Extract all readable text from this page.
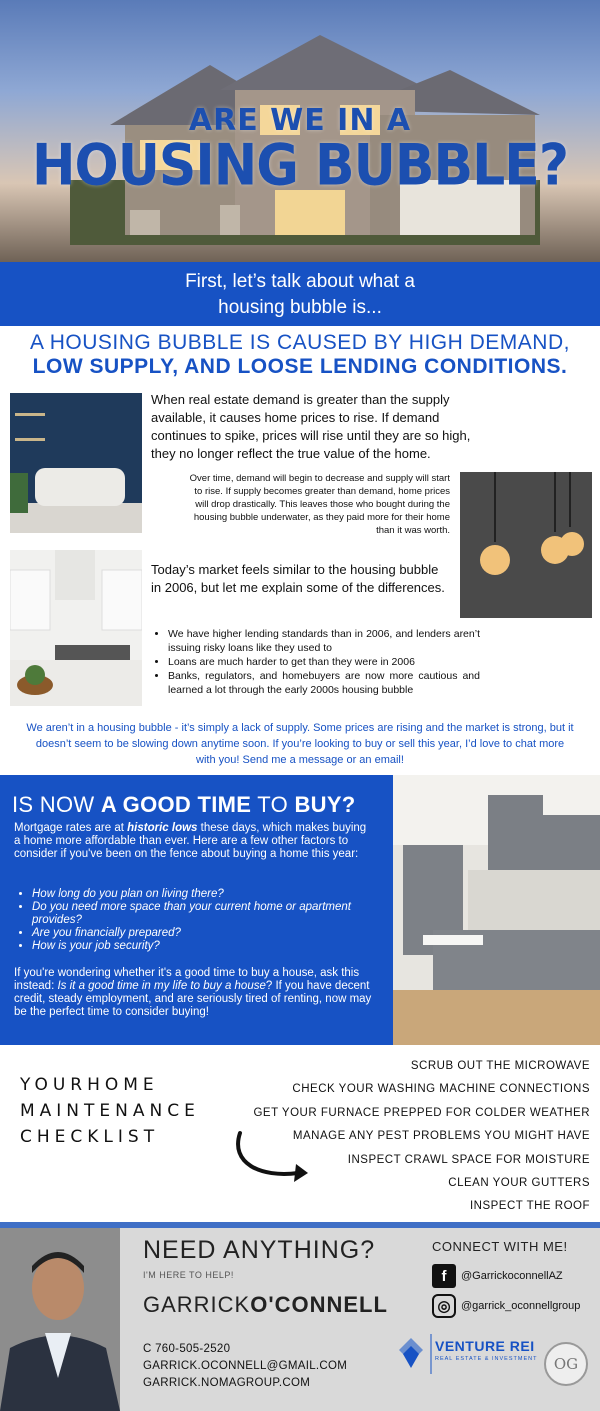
ARE WE IN A
HOUSING BUBBLE?
First, let’s talk about what a
housing bubble is...
A HOUSING BUBBLE IS CAUSED BY HIGH DEMAND,
LOW SUPPLY, AND LOOSE LENDING CONDITIONS.
When real estate demand is greater than the supply available, it causes home prices to rise. If demand continues to spike, prices will rise until they are so high, they no longer reflect the true value of the home.
Over time, demand will begin to decrease and supply will start to rise. If supply becomes greater than demand, home prices will drop drastically. This leaves those who bought during the housing bubble underwater, as they paid more for their home than it was worth.
Today’s market feels similar to the housing bubble in 2006, but let me explain some of the differences.
• We have higher lending standards than in 2006, and lenders aren’t issuing risky loans like they used to
• Loans are much harder to get than they were in 2006
• Banks, regulators, and homebuyers are now more cautious and learned a lot through the early 2000s housing bubble
We aren’t in a housing bubble - it’s simply a lack of supply. Some prices are rising and the market is strong, but it doesn’t seem to be slowing down anytime soon. If you’re looking to buy or sell this year, I’d love to chat more with you! Send me a message or an email!
IS NOW A GOOD TIME TO BUY?
Mortgage rates are at historic lows these days, which makes buying a home more affordable than ever. Here are a few other factors to consider if you've been on the fence about buying a home this year:
• How long do you plan on living there?
• Do you need more space than your current home or apartment provides?
• Are you financially prepared?
• How is your job security?
If you're wondering whether it's a good time to buy a house, ask this instead: Is it a good time in my life to buy a house? If you have decent credit, steady employment, and are seriously tired of renting, now may be the perfect time to consider buying!
YOURHOME
MAINTENANCE
CHECKLIST
SCRUB OUT THE MICROWAVE
CHECK YOUR WASHING MACHINE CONNECTIONS
GET YOUR FURNACE PREPPED FOR COLDER WEATHER
MANAGE ANY PEST PROBLEMS YOU MIGHT HAVE
INSPECT CRAWL SPACE FOR MOISTURE
CLEAN YOUR GUTTERS
INSPECT THE ROOF
NEED ANYTHING?
I'M HERE TO HELP!
GARRICKO'CONNELL
C 760-505-2520
GARRICK.OCONNELL@GMAIL.COM
GARRICK.NOMAGROUP.COM
CONNECT WITH ME!
f	@GarrickoconnellAZ
◎ @garrick_oconnellgroup
VENTURE REI
REAL ESTATE & INVESTMENT	OG
